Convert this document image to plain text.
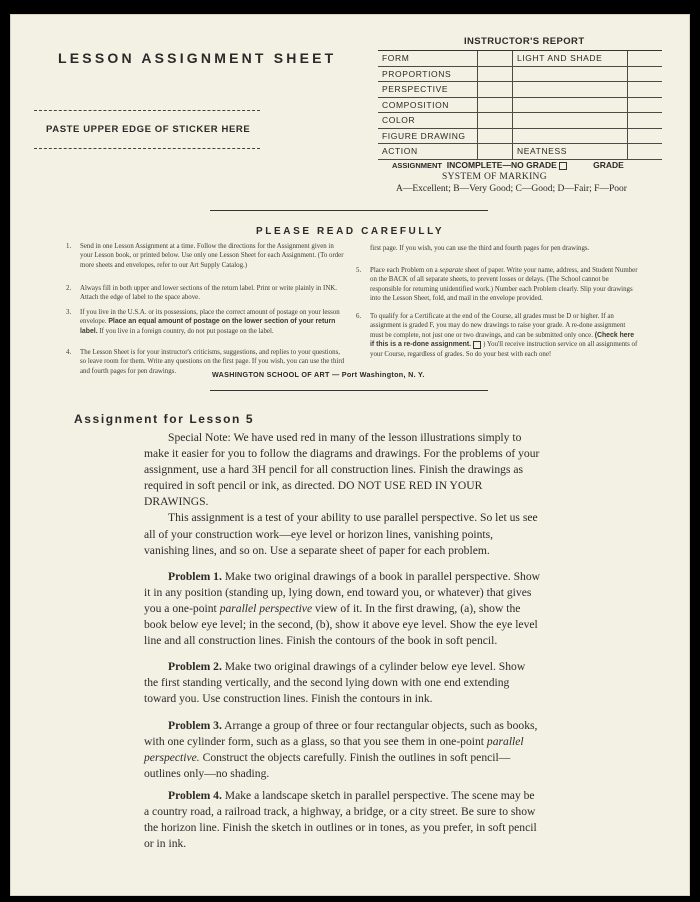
LESSON ASSIGNMENT SHEET
PASTE UPPER EDGE OF STICKER HERE
INSTRUCTOR'S REPORT
FORM		LIGHT AND SHADE	
PROPORTIONS			
PERSPECTIVE			
COMPOSITION			
COLOR			
FIGURE DRAWING			
ACTION		NEATNESS	
ASSIGNMENT INCOMPLETE—NO GRADE	GRADE
SYSTEM OF MARKING
A—Excellent; B—Very Good; C—Good; D—Fair; F—Poor
PLEASE READ CAREFULLY
1. Send in one Lesson Assignment at a time. Follow the directions for the Assignment given in your Lesson book, or printed below. Use only one Lesson Sheet for each Assignment. (To order more sheets and envelopes, refer to our Art Supply Catalog.)
2. Always fill in both upper and lower sections of the return label. Print or write plainly in INK. Attach the edge of label to the space above.
3. If you live in the U.S.A. or its possessions, place the correct amount of postage on your lesson envelope. Place an equal amount of postage on the lower section of your return label. If you live in a foreign country, do not put postage on the label.
4. The Lesson Sheet is for your instructor's criticisms, suggestions, and replies to your questions, so leave room for them. Write any questions on the first page. If you wish, you can use the third and fourth pages for pen drawings.
first page. If you wish, you can use the third and fourth pages for pen drawings.
5. Place each Problem on a separate sheet of paper. Write your name, address, and Student Number on the BACK of all separate sheets, to prevent losses or delays. (The School cannot be responsible for returning unidentified work.) Number each Problem clearly. Slip your drawings into the Lesson Sheet, fold, and mail in the envelope provided.
6. To qualify for a Certificate at the end of the Course, all grades must be D or higher. If an assignment is graded F, you may do new drawings to raise your grade. A re-done assignment must be complete, not just one or two drawings, and can be submitted only once. (Check here if this is a re-done assignment. ) You'll receive instruction service on all assignments of your Course, regardless of grades. So do your best with each one!
WASHINGTON SCHOOL OF ART — Port Washington, N. Y.
Assignment for Lesson 5

Special Note: We have used red in many of the lesson illustrations simply to make it easier for you to follow the diagrams and drawings. For the problems of your assignment, use a hard 3H pencil for all construction lines. Finish the drawings as required in soft pencil or ink, as directed. DO NOT USE RED IN YOUR DRAWINGS.

This assignment is a test of your ability to use parallel perspective. So let us see all of your construction work—eye level or horizon lines, vanishing points, vanishing lines, and so on. Use a separate sheet of paper for each problem.

Problem 1. Make two original drawings of a book in parallel perspective. Show it in any position (standing up, lying down, end toward you, or whatever) that gives you a one-point parallel perspective view of it. In the first drawing, (a), show the book below eye level; in the second, (b), show it above eye level. Show the eye level line and all construction lines. Finish the contours of the book in soft pencil.

Problem 2. Make two original drawings of a cylinder below eye level. Show the first standing vertically, and the second lying down with one end extending toward you. Use construction lines. Finish the contours in ink.

Problem 3. Arrange a group of three or four rectangular objects, such as books, with one cylinder form, such as a glass, so that you see them in one-point parallel perspective. Construct the objects carefully. Finish the outlines in soft pencil—outlines only—no shading.

Problem 4. Make a landscape sketch in parallel perspective. The scene may be a country road, a railroad track, a highway, a bridge, or a city street. Be sure to show the horizon line. Finish the sketch in outlines or in tones, as you prefer, in soft pencil or in ink.
